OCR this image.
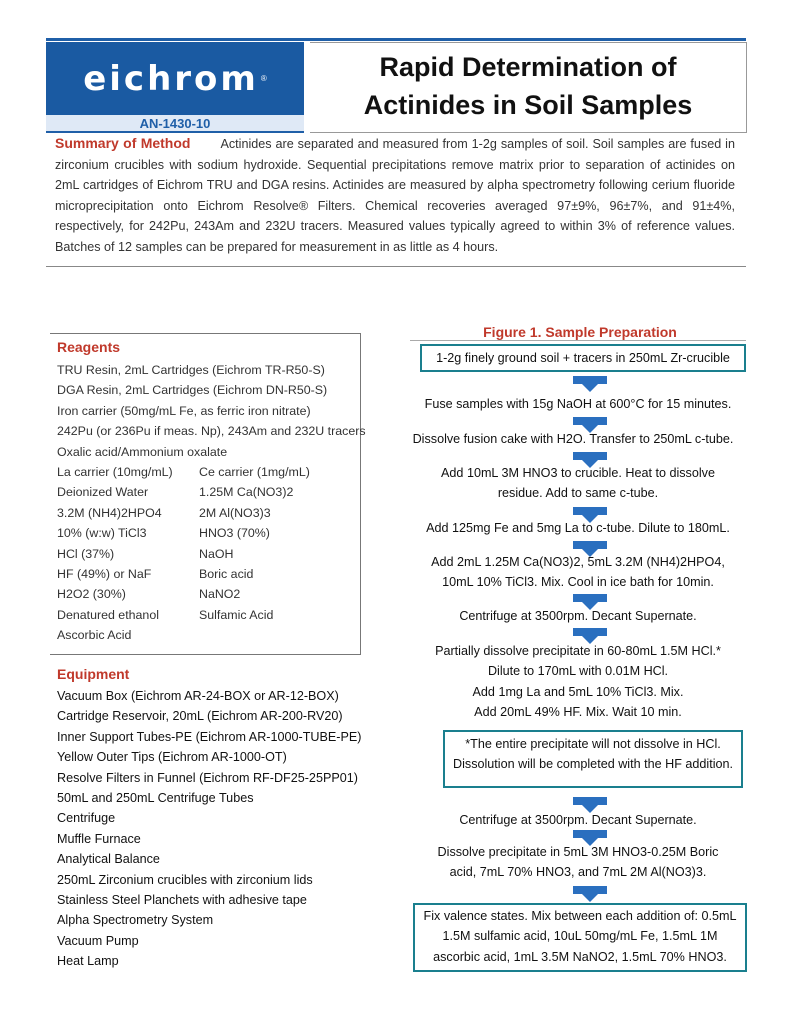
eichrom ®
AN-1430-10
Rapid Determination of
Actinides in Soil Samples
Summary of Method Actinides are separated and measured from 1-2g samples of soil. Soil samples are fused in zirconium crucibles with sodium hydroxide. Sequential precipitations remove matrix prior to separation of actinides on 2mL cartridges of Eichrom TRU and DGA resins. Actinides are measured by alpha spectrometry following cerium fluoride microprecipitation onto Eichrom Resolve® Filters. Chemical recoveries averaged 97±9%, 96±7%, and 91±4%, respectively, for 242Pu, 243Am and 232U tracers. Measured values typically agreed to within 3% of reference values. Batches of 12 samples can be prepared for measurement in as little as 4 hours.
Reagents
TRU Resin, 2mL Cartridges (Eichrom TR-R50-S)
DGA Resin, 2mL Cartridges (Eichrom DN-R50-S)
Iron carrier (50mg/mL Fe, as ferric iron nitrate)
242Pu (or 236Pu if meas. Np), 243Am and 232U tracers
Oxalic acid/Ammonium oxalate
La carrier (10mg/mL)	Ce carrier (1mg/mL)
Deionized Water	1.25M Ca(NO3)2
3.2M (NH4)2HPO4	2M Al(NO3)3
10% (w:w) TiCl3	HNO3 (70%)
HCl (37%)	NaOH
HF (49%) or NaF	Boric acid
H2O2 (30%)	NaNO2
Denatured ethanol	Sulfamic Acid
Ascorbic Acid
Equipment
Vacuum Box (Eichrom AR-24-BOX or AR-12-BOX)
Cartridge Reservoir, 20mL (Eichrom AR-200-RV20)
Inner Support Tubes-PE (Eichrom AR-1000-TUBE-PE)
Yellow Outer Tips (Eichrom AR-1000-OT)
Resolve Filters in Funnel (Eichrom RF-DF25-25PP01)
50mL and 250mL Centrifuge Tubes
Centrifuge
Muffle Furnace
Analytical Balance
250mL Zirconium crucibles with zirconium lids
Stainless Steel Planchets with adhesive tape
Alpha Spectrometry System
Vacuum Pump
Heat Lamp
Figure 1. Sample Preparation
1-2g finely ground soil + tracers in 250mL Zr-crucible
Fuse samples with 15g NaOH at 600°C for 15 minutes.
Dissolve fusion cake with H2O. Transfer to 250mL c-tube.
Add 10mL 3M HNO3 to crucible. Heat to dissolve
residue. Add to same c-tube.
Add 125mg Fe and 5mg La to c-tube. Dilute to 180mL.
Add 2mL 1.25M Ca(NO3)2, 5mL 3.2M (NH4)2HPO4,
10mL 10% TiCl3. Mix. Cool in ice bath for 10min.
Centrifuge at 3500rpm. Decant Supernate.
Partially dissolve precipitate in 60-80mL 1.5M HCl.*
Dilute to 170mL with 0.01M HCl.
Add 1mg La and 5mL 10% TiCl3. Mix.
Add 20mL 49% HF. Mix. Wait 10 min.
*The entire precipitate will not dissolve in HCl.
Dissolution will be completed with the HF addition.
Centrifuge at 3500rpm. Decant Supernate.
Dissolve precipitate in 5mL 3M HNO3-0.25M Boric
acid, 7mL 70% HNO3, and 7mL 2M Al(NO3)3.
Fix valence states. Mix between each addition of: 0.5mL
1.5M sulfamic acid, 10uL 50mg/mL Fe, 1.5mL 1M
ascorbic acid, 1mL 3.5M NaNO2, 1.5mL 70% HNO3.
